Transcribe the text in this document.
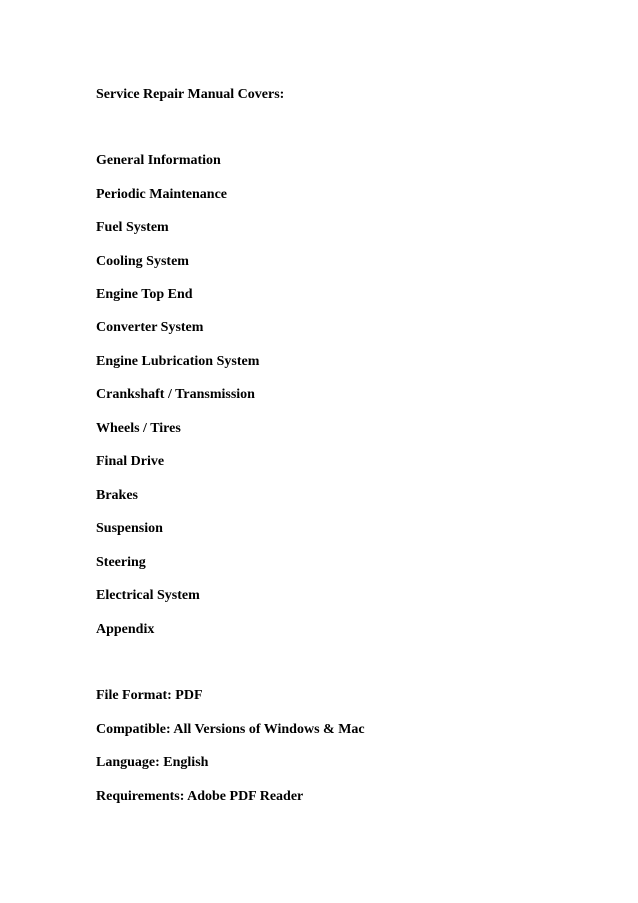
Service Repair Manual Covers:

General Information

Periodic Maintenance

Fuel System

Cooling System

Engine Top End

Converter System

Engine Lubrication System

Crankshaft / Transmission

Wheels / Tires

Final Drive

Brakes

Suspension

Steering

Electrical System

Appendix

File Format: PDF

Compatible: All Versions of Windows & Mac

Language: English

Requirements: Adobe PDF Reader
